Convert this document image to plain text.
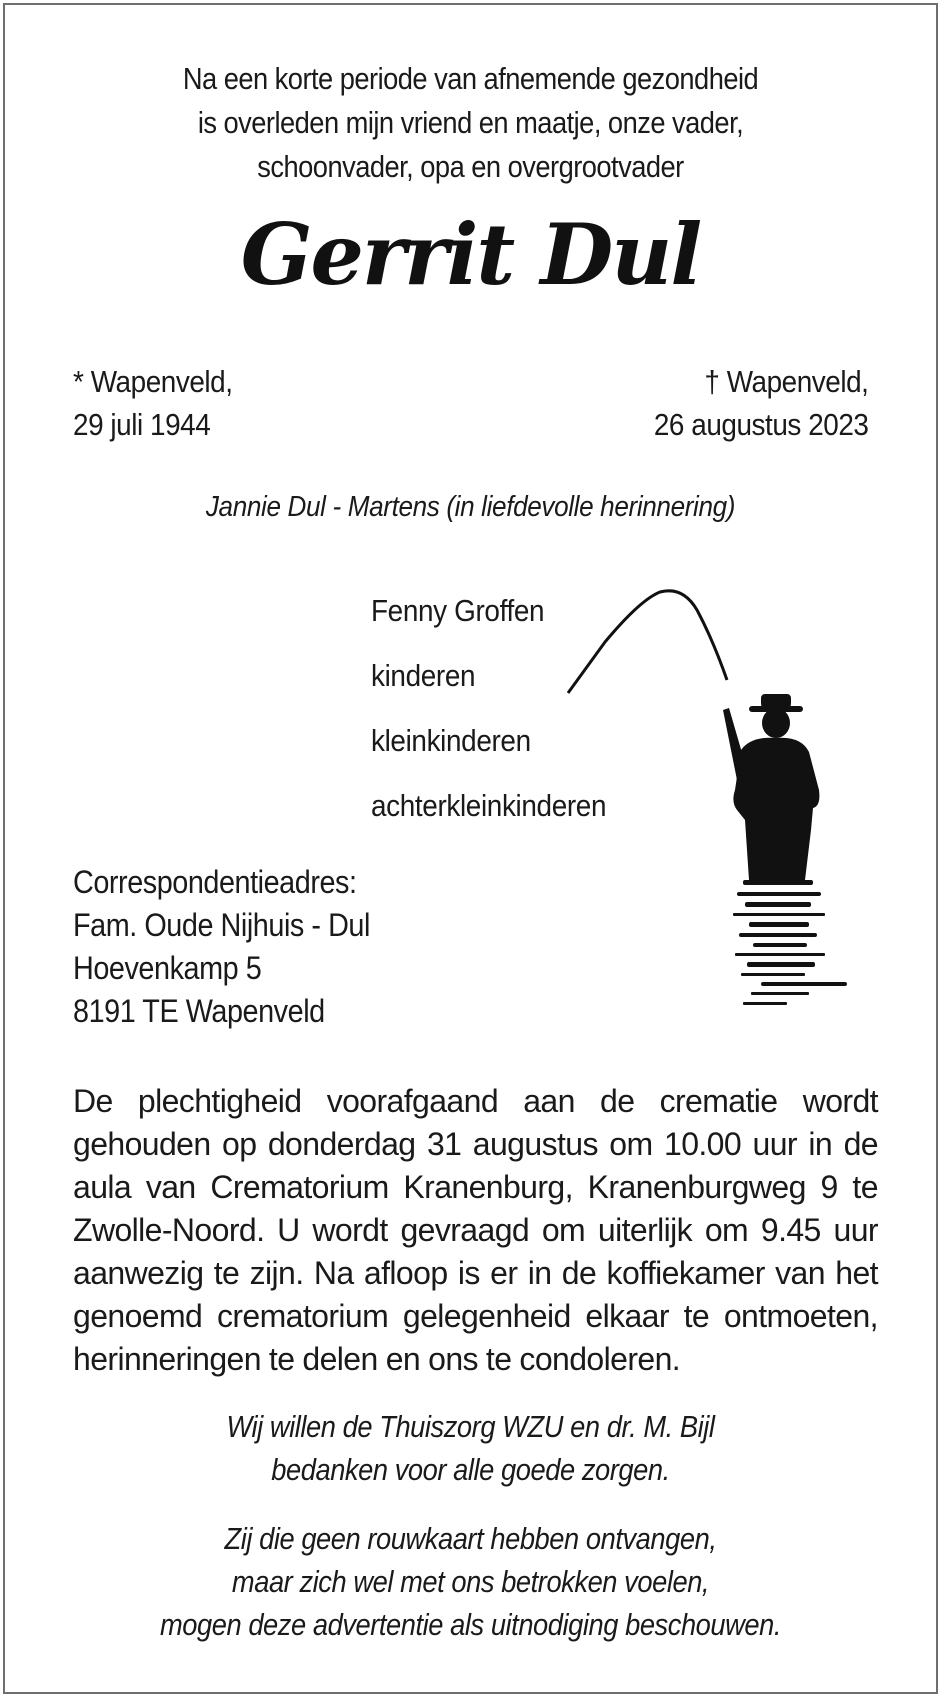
Na een korte periode van afnemende gezondheid
is overleden mijn vriend en maatje, onze vader,
schoonvader, opa en overgrootvader
Gerrit Dul
* Wapenveld,
29 juli 1944
† Wapenveld,
26 augustus 2023
Jannie Dul - Martens (in liefdevolle herinnering)
Fenny Groffen
kinderen
kleinkinderen
achterkleinkinderen
Correspondentieadres:
Fam. Oude Nijhuis - Dul
Hoevenkamp 5
8191 TE Wapenveld
De plechtigheid voorafgaand aan de crematie wordt
gehouden op donderdag 31 augustus om 10.00 uur in de
aula van Crematorium Kranenburg, Kranenburgweg 9 te
Zwolle-Noord. U wordt gevraagd om uiterlijk om 9.45 uur
aanwezig te zijn. Na afloop is er in de koffiekamer van het
genoemd crematorium gelegenheid elkaar te ontmoeten,
herinneringen te delen en ons te condoleren.
Wij willen de Thuiszorg WZU en dr. M. Bijl
bedanken voor alle goede zorgen.
Zij die geen rouwkaart hebben ontvangen,
maar zich wel met ons betrokken voelen,
mogen deze advertentie als uitnodiging beschouwen.
